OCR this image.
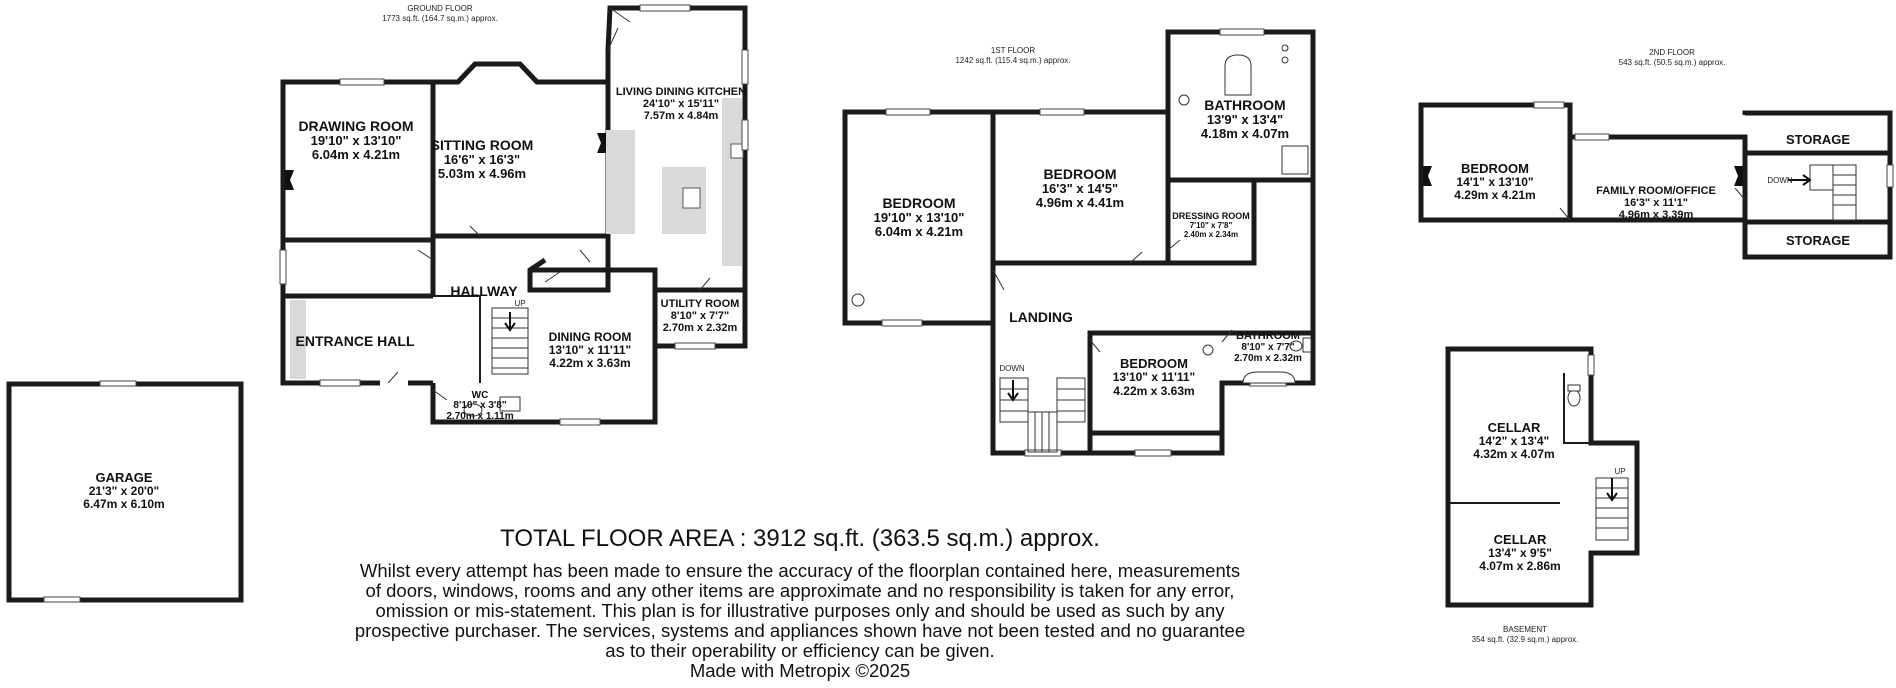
GARAGE
21'3" x 20'0"
6.47m x 6.10m
GROUND FLOOR
1773 sq.ft. (164.7 sq.m.) approx.
UP
DRAWING ROOM
19'10" x 13'10"
6.04m x 4.21m
SITTING ROOM
16'6" x 16'3"
5.03m x 4.96m
LIVING DINING KITCHEN
24'10" x 15'11"
7.57m x 4.84m
HALLWAY
ENTRANCE HALL	DINING ROOM
13'10" x 11'11"
4.22m x 3.63m
UTILITY ROOM
8'10" x 7'7"
2.70m x 2.32m
WC
8'10" x 3'8"
2.70m x 1.11m
1ST FLOOR
1242 sq.ft. (115.4 sq.m.) approx.
DOWN
BEDROOM
19'10" x 13'10"
6.04m x 4.21m
BEDROOM
16'3" x 14'5"
4.96m x 4.41m
BATHROOM
13'9" x 13'4"
4.18m x 4.07m
DRESSING ROOM
7'10" x 7'8"
2.40m x 2.34m
LANDING
BEDROOM
13'10" x 11'11"
4.22m x 3.63m
BATHROOM
8'10" x 7'7"
2.70m x 2.32m
2ND FLOOR
543 sq.ft. (50.5 sq.m.) approx.
DOWN
BEDROOM
14'1" x 13'10"
4.29m x 4.21m	FAMILY ROOM/OFFICE
16'3" x 11'1"
4.96m x 3.39m
STORAGE
STORAGE
UP
CELLAR
14'2" x 13'4"
4.32m x 4.07m
CELLAR
13'4" x 9'5"
4.07m x 2.86m
BASEMENT
354 sq.ft. (32.9 sq.m.) approx.

TOTAL FLOOR AREA : 3912 sq.ft. (363.5 sq.m.) approx.

Whilst every attempt has been made to ensure the accuracy of the floorplan contained here, measurements of doors, windows, rooms and any other items are approximate and no responsibility is taken for any error, omission or mis-statement. This plan is for illustrative purposes only and should be used as such by any prospective purchaser. The services, systems and appliances shown have not been tested and no guarantee as to their operability or efficiency can be given.

Made with Metropix ©2025
